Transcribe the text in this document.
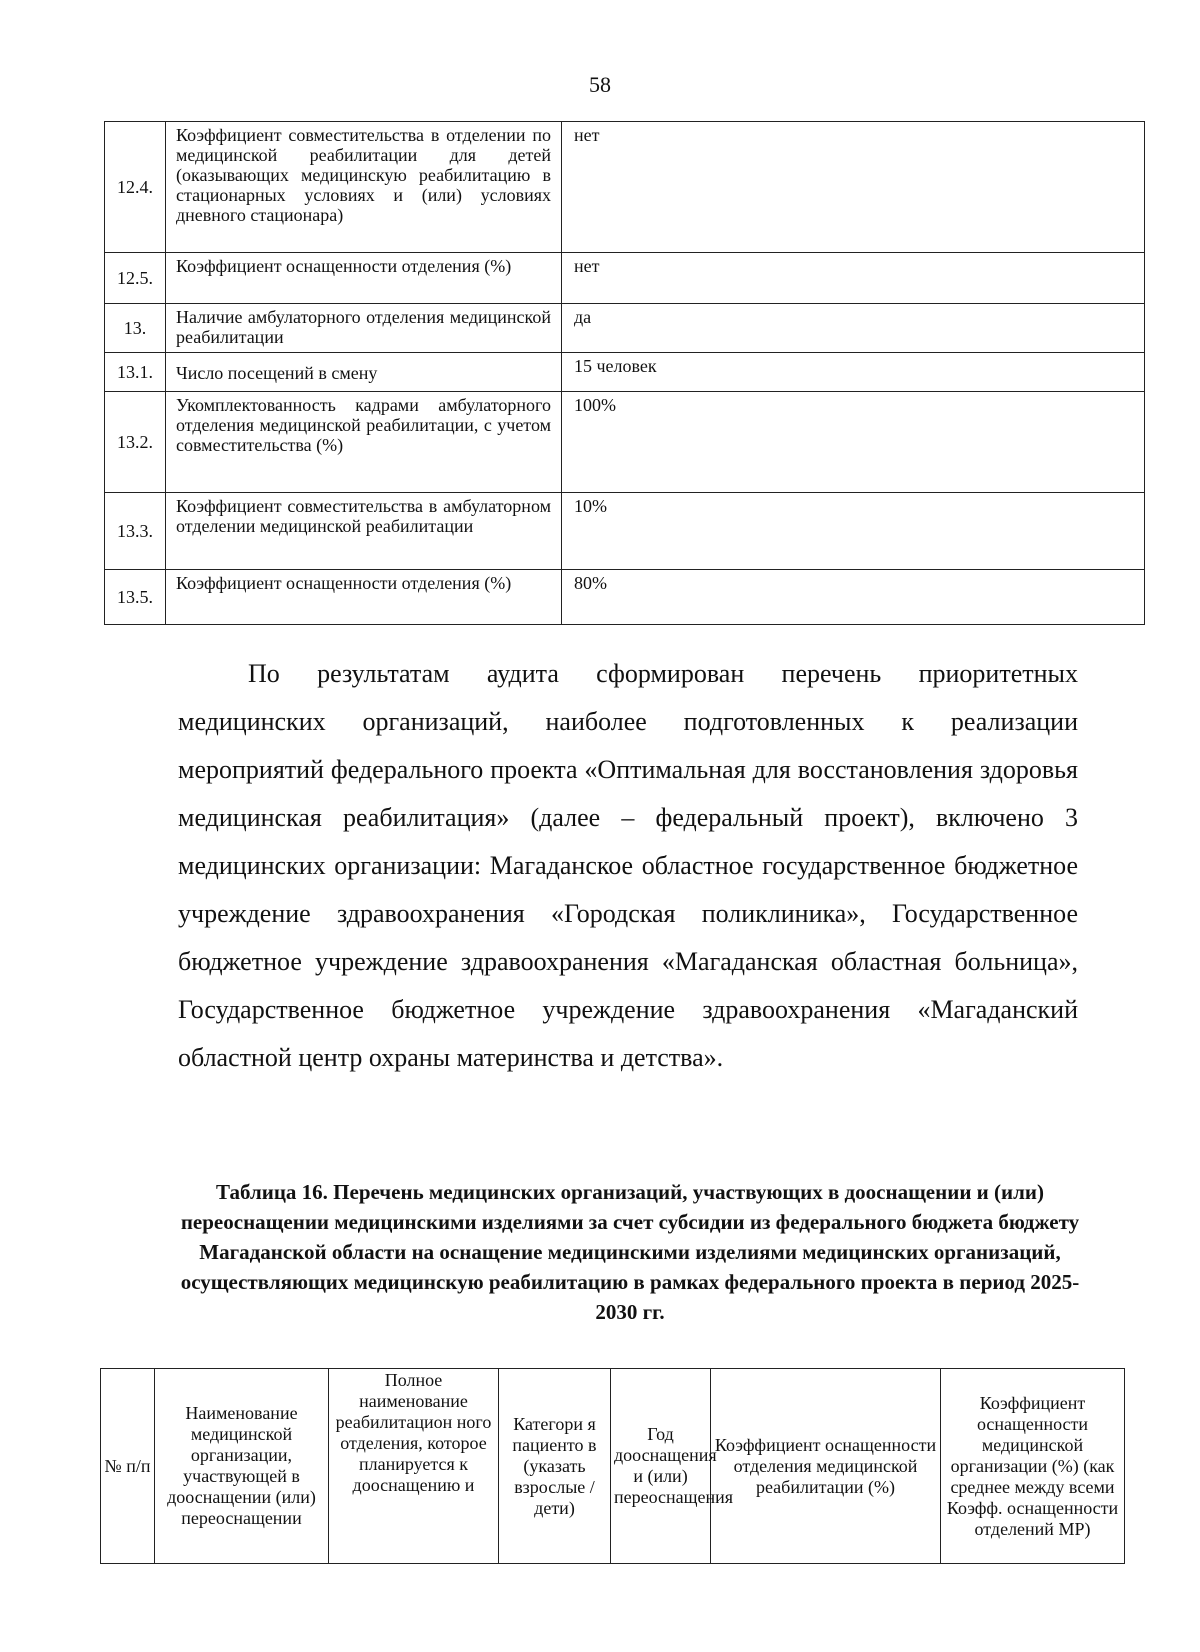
58
12.4.	Коэффициент совместительства в отделении по медицинской реабилитации для детей (оказывающих медицинскую реабилитацию в стационарных условиях и (или) условиях дневного стационара)	нет
12.5.	Коэффициент оснащенности отделения (%)	нет
13.	Наличие амбулаторного отделения медицинской реабилитации	да
13.1.	Число посещений в смену	15 человек
13.2.	Укомплектованность кадрами амбулаторного отделения медицинской реабилитации, с учетом совместительства (%)	100%
13.3.	Коэффициент совместительства в амбулаторном отделении медицинской реабилитации	10%
13.5.	Коэффициент оснащенности отделения (%)	80%

По результатам аудита сформирован перечень приоритетных медицинских организаций, наиболее подготовленных к реализации мероприятий федерального проекта «Оптимальная для восстановления здоровья медицинская реабилитация» (далее – федеральный проект), включено 3 медицинских организации: Магаданское областное государственное бюджетное учреждение здравоохранения «Городская поликлиника», Государственное бюджетное учреждение здравоохранения «Магаданская областная больница», Государственное бюджетное учреждение здравоохранения «Магаданский областной центр охраны материнства и детства».

Таблица 16. Перечень медицинских организаций, участвующих в дооснащении и (или) переоснащении медицинскими изделиями за счет субсидии из федерального бюджета бюджету Магаданской области на оснащение медицинскими изделиями медицинских организаций, осуществляющих медицинскую реабилитацию в рамках федерального проекта в период 2025-2030 гг.

№ п/п	Наименование медицинской организации, участвующей в дооснащении (или) переоснащении	Полное наименование реабилитацион ного отделения, которое планируется к дооснащению и	Категори я пациенто в (указать взрослые /дети)	Год дооснащения и (или) переоснащения	Коэффициент оснащенности отделения медицинской реабилитации (%)	Коэффициент оснащенности медицинской организации (%) (как среднее между всеми Коэфф. оснащенности отделений МР)
